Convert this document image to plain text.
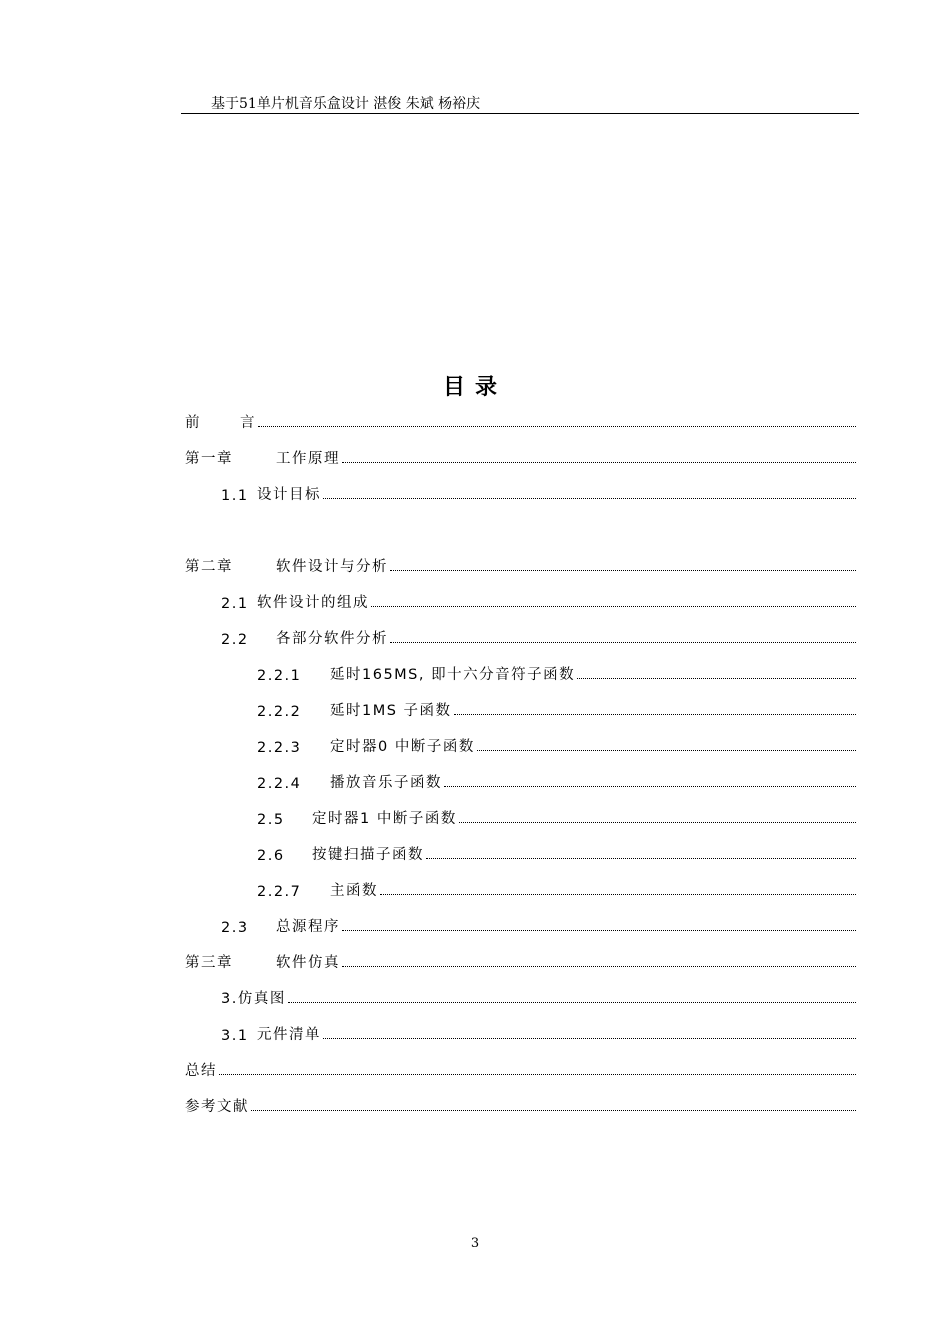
基于51单片机音乐盒设计 湛俊 朱斌 杨裕庆
目录
前	言
第一章	工作原理
1.1 设计目标
第二章	软件设计与分析
2.1 软件设计的组成
2.2	各部分软件分析
2.2.1	延时165MS, 即十六分音符子函数
2.2.2	延时1MS 子函数
2.2.3	定时器0 中断子函数
2.2.4	播放音乐子函数
2.5	定时器1 中断子函数
2.6	按键扫描子函数
2.2.7	主函数
2.3	总源程序
第三章	软件仿真
3.仿真图
3.1 元件清单
总结
参考文献
3
